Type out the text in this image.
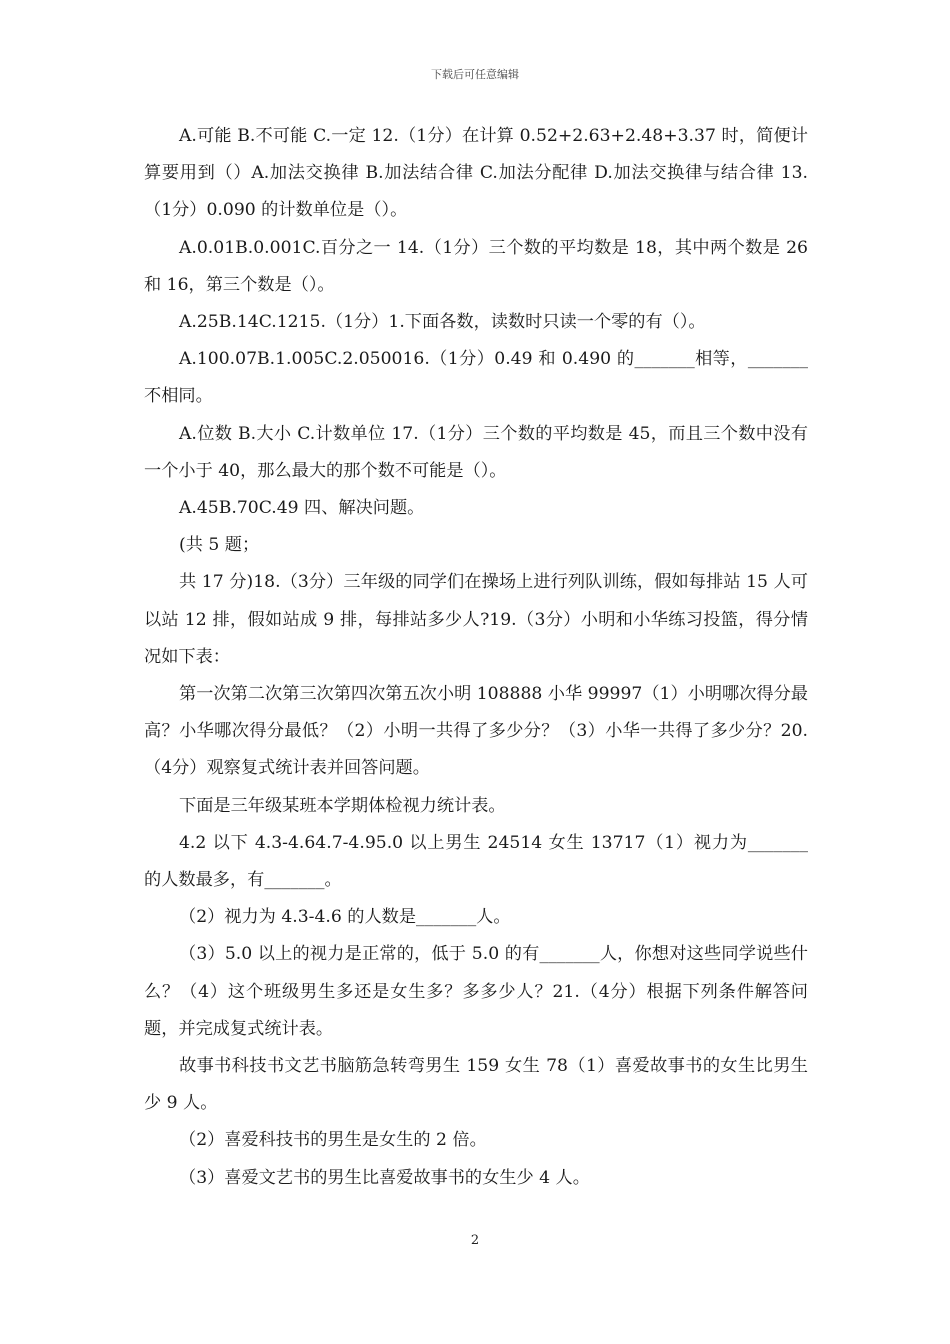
下载后可任意编辑

A.可能 B.不可能 C.一定 12.（1分）在计算 0.52+2.63+2.48+3.37 时，简便计算要用到（）A.加法交换律 B.加法结合律 C.加法分配律 D.加法交换律与结合律 13.（1分）0.090 的计数单位是（）。

A.0.01B.0.001C.百分之一 14.（1分）三个数的平均数是 18，其中两个数是 26 和 16，第三个数是（）。

A.25B.14C.1215.（1分）1.下面各数，读数时只读一个零的有（）。

A.100.07B.1.005C.2.050016.（1分）0.49 和 0.490 的_______相等，_______不相同。

A.位数 B.大小 C.计数单位 17.（1分）三个数的平均数是 45，而且三个数中没有一个小于 40，那么最大的那个数不可能是（）。

A.45B.70C.49 四、解决问题。

(共 5 题；

共 17 分)18.（3分）三年级的同学们在操场上进行列队训练，假如每排站 15 人可以站 12 排，假如站成 9 排，每排站多少人?19.（3分）小明和小华练习投篮，得分情况如下表：

第一次第二次第三次第四次第五次小明 108888 小华 99997（1）小明哪次得分最高？小华哪次得分最低？（2）小明一共得了多少分？（3）小华一共得了多少分？20.（4分）观察复式统计表并回答问题。

下面是三年级某班本学期体检视力统计表。

4.2 以下 4.3-4.64.7-4.95.0 以上男生 24514 女生 13717（1）视力为_______的人数最多，有_______。

（2）视力为 4.3-4.6 的人数是_______人。

（3）5.0 以上的视力是正常的，低于 5.0 的有_______人，你想对这些同学说些什么？（4）这个班级男生多还是女生多？多多少人？21.（4分）根据下列条件解答问题，并完成复式统计表。

故事书科技书文艺书脑筋急转弯男生 159 女生 78（1）喜爱故事书的女生比男生少 9 人。

（2）喜爱科技书的男生是女生的 2 倍。

（3）喜爱文艺书的男生比喜爱故事书的女生少 4 人。

2
